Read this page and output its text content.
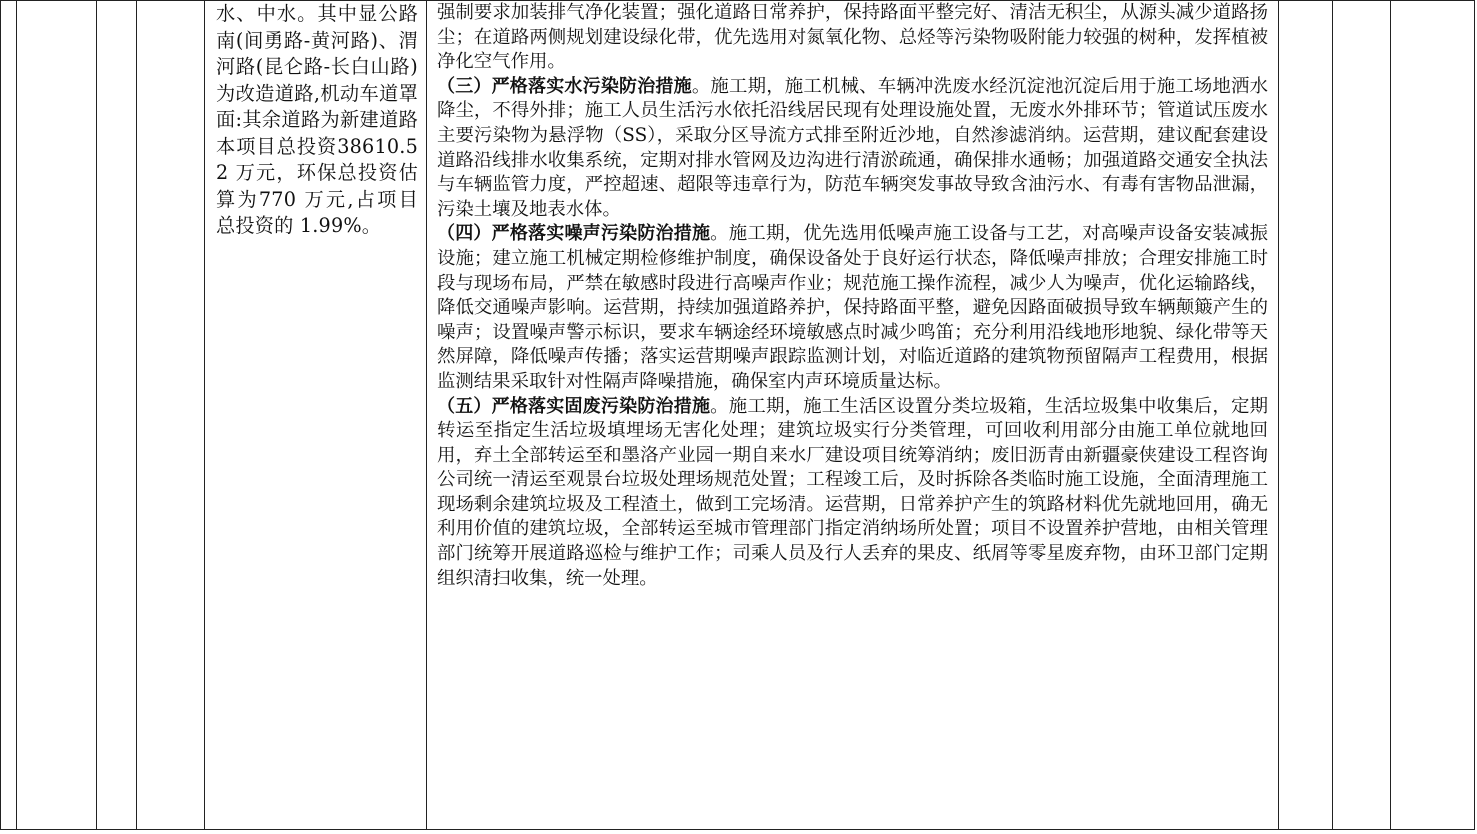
水、中水。其中显公路南(间勇路-黄河路)、渭河路(昆仑路-长白山路)为改造道路,机动车道罩面:其余道路为新建道路本项目总投资38610.52 万元，环保总投资估算为770 万元,占项目总投资的 1.99%。

强制要求加装排气净化装置；强化道路日常养护，保持路面平整完好、清洁无积尘，从源头减少道路扬尘；在道路两侧规划建设绿化带，优先选用对氮氧化物、总烃等污染物吸附能力较强的树种，发挥植被净化空气作用。

（三）严格落实水污染防治措施。施工期，施工机械、车辆冲洗废水经沉淀池沉淀后用于施工场地洒水降尘，不得外排；施工人员生活污水依托沿线居民现有处理设施处置，无废水外排环节；管道试压废水主要污染物为悬浮物（SS），采取分区导流方式排至附近沙地，自然渗滤消纳。运营期，建议配套建设道路沿线排水收集系统，定期对排水管网及边沟进行清淤疏通，确保排水通畅；加强道路交通安全执法与车辆监管力度，严控超速、超限等违章行为，防范车辆突发事故导致含油污水、有毒有害物品泄漏，污染土壤及地表水体。

（四）严格落实噪声污染防治措施。施工期，优先选用低噪声施工设备与工艺，对高噪声设备安装减振设施；建立施工机械定期检修维护制度，确保设备处于良好运行状态，降低噪声排放；合理安排施工时段与现场布局，严禁在敏感时段进行高噪声作业；规范施工操作流程，减少人为噪声，优化运输路线，降低交通噪声影响。运营期，持续加强道路养护，保持路面平整，避免因路面破损导致车辆颠簸产生的噪声；设置噪声警示标识，要求车辆途经环境敏感点时减少鸣笛；充分利用沿线地形地貌、绿化带等天然屏障，降低噪声传播；落实运营期噪声跟踪监测计划，对临近道路的建筑物预留隔声工程费用，根据监测结果采取针对性隔声降噪措施，确保室内声环境质量达标。

（五）严格落实固废污染防治措施。施工期，施工生活区设置分类垃圾箱，生活垃圾集中收集后，定期转运至指定生活垃圾填埋场无害化处理；建筑垃圾实行分类管理，可回收利用部分由施工单位就地回用，弃土全部转运至和墨洛产业园一期自来水厂建设项目统筹消纳；废旧沥青由新疆豪侠建设工程咨询公司统一清运至观景台垃圾处理场规范处置；工程竣工后，及时拆除各类临时施工设施，全面清理施工现场剩余建筑垃圾及工程渣土，做到工完场清。运营期，日常养护产生的筑路材料优先就地回用，确无利用价值的建筑垃圾，全部转运至城市管理部门指定消纳场所处置；项目不设置养护营地，由相关管理部门统筹开展道路巡检与维护工作；司乘人员及行人丢弃的果皮、纸屑等零星废弃物，由环卫部门定期组织清扫收集，统一处理。
